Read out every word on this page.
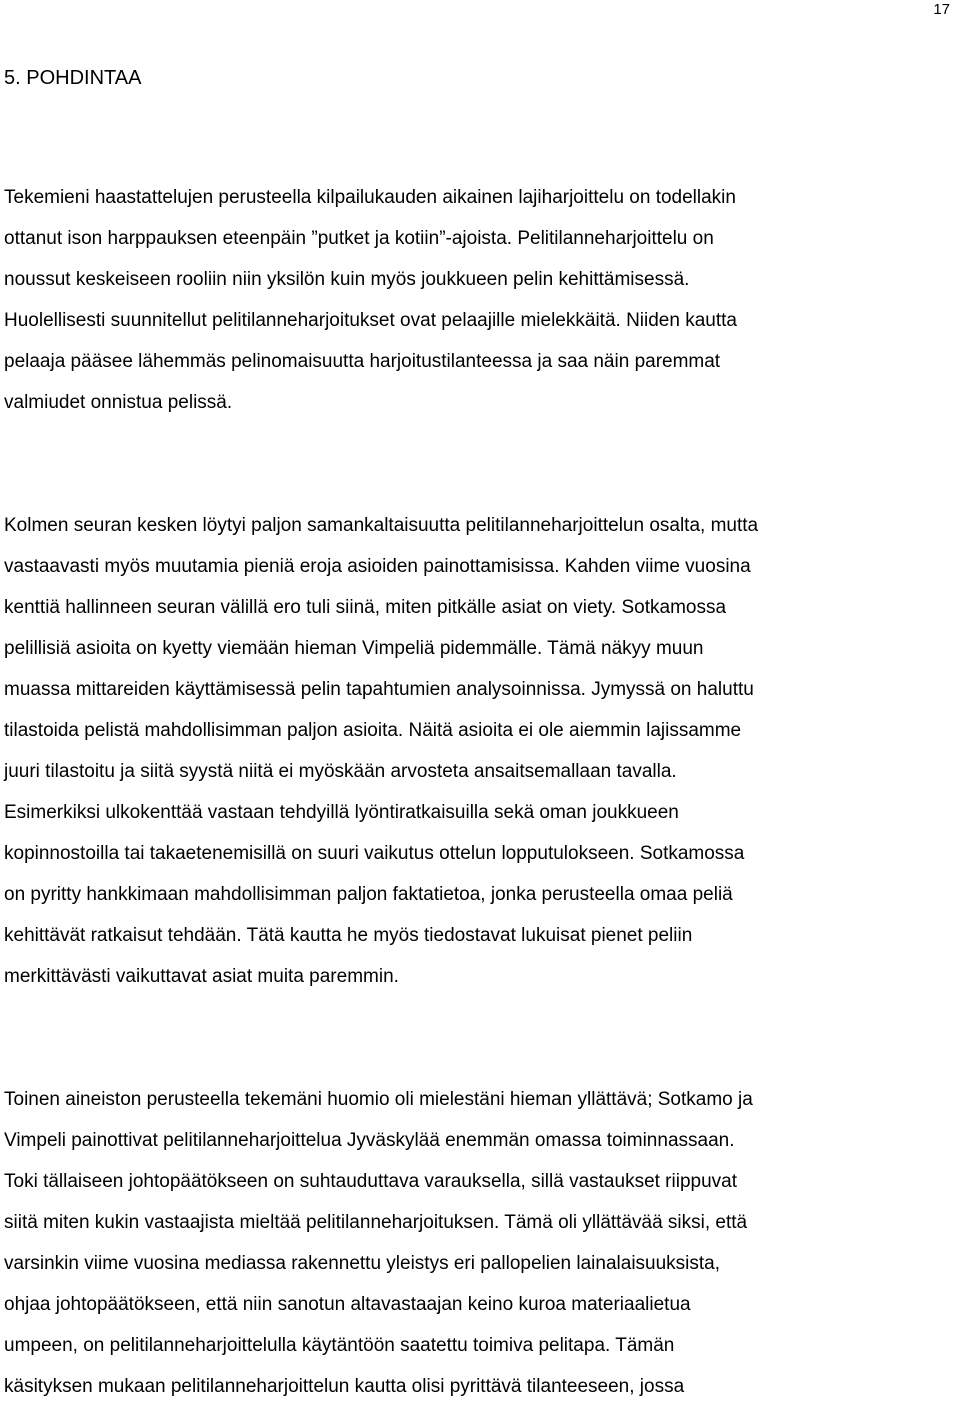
17
5. POHDINTAA
Tekemieni haastattelujen perusteella kilpailukauden aikainen lajiharjoittelu on todellakin
ottanut ison harppauksen eteenpäin ”putket ja kotiin”-ajoista. Pelitilanneharjoittelu on
noussut keskeiseen rooliin niin yksilön kuin myös joukkueen pelin kehittämisessä.
Huolellisesti suunnitellut pelitilanneharjoitukset ovat pelaajille mielekkäitä. Niiden kautta
pelaaja pääsee lähemmäs pelinomaisuutta harjoitustilanteessa ja saa näin paremmat
valmiudet onnistua pelissä.
Kolmen seuran kesken löytyi paljon samankaltaisuutta pelitilanneharjoittelun osalta, mutta
vastaavasti myös muutamia pieniä eroja asioiden painottamisissa. Kahden viime vuosina
kenttiä hallinneen seuran välillä ero tuli siinä, miten pitkälle asiat on viety. Sotkamossa
pelillisiä asioita on kyetty viemään hieman Vimpeliä pidemmälle. Tämä näkyy muun
muassa mittareiden käyttämisessä pelin tapahtumien analysoinnissa. Jymyssä on haluttu
tilastoida pelistä mahdollisimman paljon asioita. Näitä asioita ei ole aiemmin lajissamme
juuri tilastoitu ja siitä syystä niitä ei myöskään arvosteta ansaitsemallaan tavalla.
Esimerkiksi ulkokenttää vastaan tehdyillä lyöntiratkaisuilla sekä oman joukkueen
kopinnostoilla tai takaetenemisillä on suuri vaikutus ottelun lopputulokseen. Sotkamossa
on pyritty hankkimaan mahdollisimman paljon faktatietoa, jonka perusteella omaa peliä
kehittävät ratkaisut tehdään. Tätä kautta he myös tiedostavat lukuisat pienet peliin
merkittävästi vaikuttavat asiat muita paremmin.
Toinen aineiston perusteella tekemäni huomio oli mielestäni hieman yllättävä; Sotkamo ja
Vimpeli painottivat pelitilanneharjoittelua Jyväskylää enemmän omassa toiminnassaan.
Toki tällaiseen johtopäätökseen on suhtauduttava varauksella, sillä vastaukset riippuvat
siitä miten kukin vastaajista mieltää pelitilanneharjoituksen. Tämä oli yllättävää siksi, että
varsinkin viime vuosina mediassa rakennettu yleistys eri pallopelien lainalaisuuksista,
ohjaa johtopäätökseen, että niin sanotun altavastaajan keino kuroa materiaalietua
umpeen, on pelitilanneharjoittelulla käytäntöön saatettu toimiva pelitapa. Tämän
käsityksen mukaan pelitilanneharjoittelun kautta olisi pyrittävä tilanteeseen, jossa
